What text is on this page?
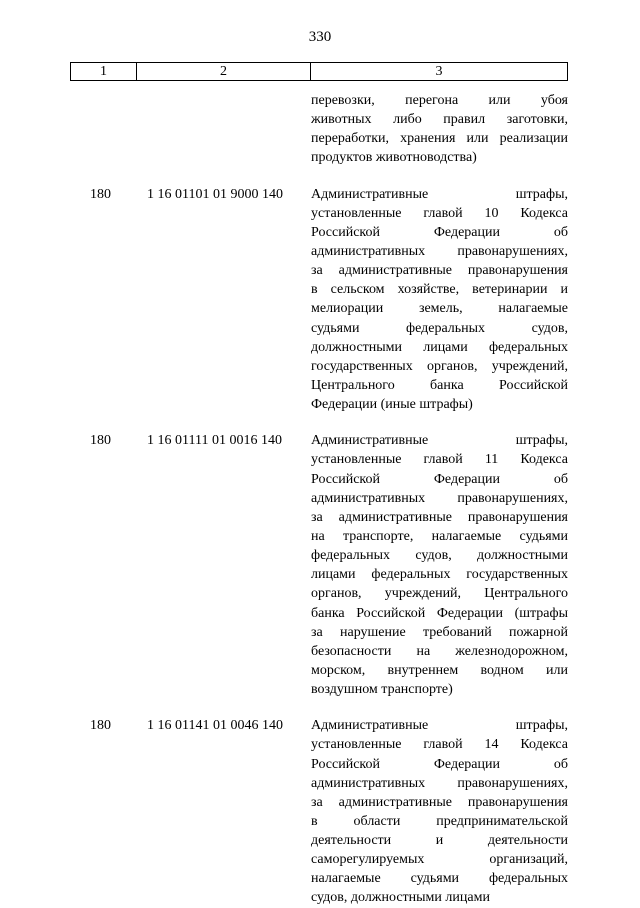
330
1	2	3
перевозки, перегона или убоя
животных либо правил заготовки,
переработки, хранения или реализации
продуктов животноводства)
180	1 16 01101 01 9000 140 Административные штрафы,
установленные главой 10 Кодекса
Российской Федерации об
административных правонарушениях,
за административные правонарушения
в сельском хозяйстве, ветеринарии и
мелиорации земель, налагаемые
судьями федеральных судов,
должностными лицами федеральных
государственных органов, учреждений,
Центрального банка Российской
Федерации (иные штрафы)
180	1 16 01111 01 0016 140 Административные штрафы,
установленные главой 11 Кодекса
Российской Федерации об
административных правонарушениях,
за административные правонарушения
на транспорте, налагаемые судьями
федеральных судов, должностными
лицами федеральных государственных
органов, учреждений, Центрального
банка Российской Федерации (штрафы
за нарушение требований пожарной
безопасности на железнодорожном,
морском, внутреннем водном или
воздушном транспорте)
180	1 16 01141 01 0046 140 Административные штрафы,
установленные главой 14 Кодекса
Российской Федерации об
административных правонарушениях,
за административные правонарушения
в области предпринимательской
деятельности и деятельности
саморегулируемых организаций,
налагаемые судьями федеральных
судов, должностными лицами
